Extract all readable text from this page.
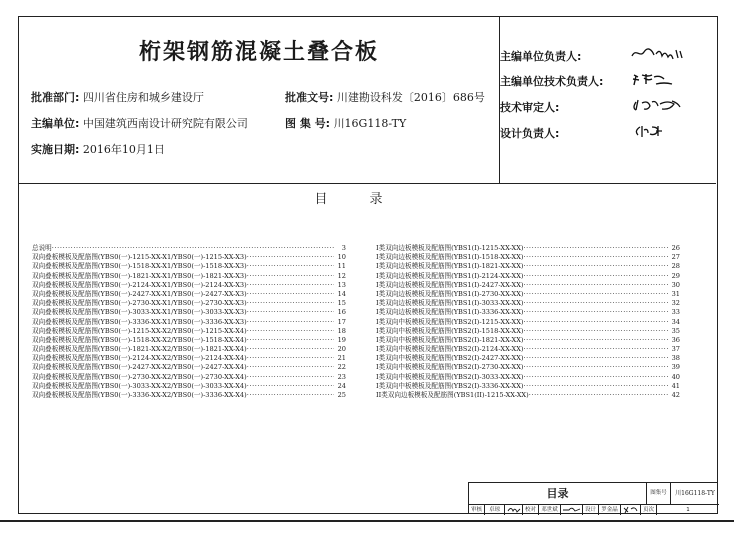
桁架钢筋混凝土叠合板
批准部门: 四川省住房和城乡建设厅	批准文号: 川建勘设科发〔2016〕686号
主编单位: 中国建筑西南设计研究院有限公司	图 集 号: 川16G118-TY
实施日期: 2016年10月1日
主编单位负责人:
主编单位技术负责人:
技术审定人:
设计负责人:
目录
总说明 ·····	3
双向叠板模板及配筋图(YBS0(一)-1215-XX-X1/YBS0(一)-1215-XX-X3) ·····	10
双向叠板模板及配筋图(YBS0(一)-1518-XX-X1/YBS0(一)-1518-XX-X3) ·····	11
双向叠板模板及配筋图(YBS0(一)-1821-XX-X1/YBS0(一)-1821-XX-X3) ·····	12
双向叠板模板及配筋图(YBS0(一)-2124-XX-X1/YBS0(一)-2124-XX-X3) ·····	13
双向叠板模板及配筋图(YBS0(一)-2427-XX-X1/YBS0(一)-2427-XX-X3) ·····	14
双向叠板模板及配筋图(YBS0(一)-2730-XX-X1/YBS0(一)-2730-XX-X3) ·····	15
双向叠板模板及配筋图(YBS0(一)-3033-XX-X1/YBS0(一)-3033-XX-X3) ·····	16
双向叠板模板及配筋图(YBS0(一)-3336-XX-X1/YBS0(一)-3336-XX-X3) ·····	17
双向叠板模板及配筋图(YBS0(一)-1215-XX-X2/YBS0(一)-1215-XX-X4) ·····	18
双向叠板模板及配筋图(YBS0(一)-1518-XX-X2/YBS0(一)-1518-XX-X4) ·····	19
双向叠板模板及配筋图(YBS0(一)-1821-XX-X2/YBS0(一)-1821-XX-X4) ·····	20
双向叠板模板及配筋图(YBS0(一)-2124-XX-X2/YBS0(一)-2124-XX-X4) ·····	21
双向叠板模板及配筋图(YBS0(一)-2427-XX-X2/YBS0(一)-2427-XX-X4) ·····	22
双向叠板模板及配筋图(YBS0(一)-2730-XX-X2/YBS0(一)-2730-XX-X4) ·····	23
双向叠板模板及配筋图(YBS0(一)-3033-XX-X2/YBS0(一)-3033-XX-X4) ·····	24
双向叠板模板及配筋图(YBS0(一)-3336-XX-X2/YBS0(一)-3336-XX-X4) ·····	25
I类双向边板模板及配筋图(YBS1(I)-1215-XX-XX) ·····	26
I类双向边板模板及配筋图(YBS1(I)-1518-XX-XX) ·····	27
I类双向边板模板及配筋图(YBS1(I)-1821-XX-XX) ·····	28
I类双向边板模板及配筋图(YBS1(I)-2124-XX-XX) ·····	29
I类双向边板模板及配筋图(YBS1(I)-2427-XX-XX) ·····	30
I类双向边板模板及配筋图(YBS1(I)-2730-XX-XX) ·····	31
I类双向边板模板及配筋图(YBS1(I)-3033-XX-XX) ·····	32
I类双向边板模板及配筋图(YBS1(I)-3336-XX-XX) ·····	33
I类双向中板模板及配筋图(YBS2(I)-1215-XX-XX) ·····	34
I类双向中板模板及配筋图(YBS2(I)-1518-XX-XX) ·····	35
I类双向中板模板及配筋图(YBS2(I)-1821-XX-XX) ·····	36
I类双向中板模板及配筋图(YBS2(I)-2124-XX-XX) ·····	37
I类双向中板模板及配筋图(YBS2(I)-2427-XX-XX) ·····	38
I类双向中板模板及配筋图(YBS2(I)-2730-XX-XX) ·····	39
I类双向中板模板及配筋图(YBS2(I)-3033-XX-XX) ·····	40
I类双向中板模板及配筋图(YBS2(I)-3336-XX-XX) ·····	41
II类双向边板模板及配筋图(YBS1(II)-1215-XX-XX) ·····	42
目录	图集号	川16G118-TY
审核	卓琼	校对 邓世斌	设计 罗金晶	页次	1
